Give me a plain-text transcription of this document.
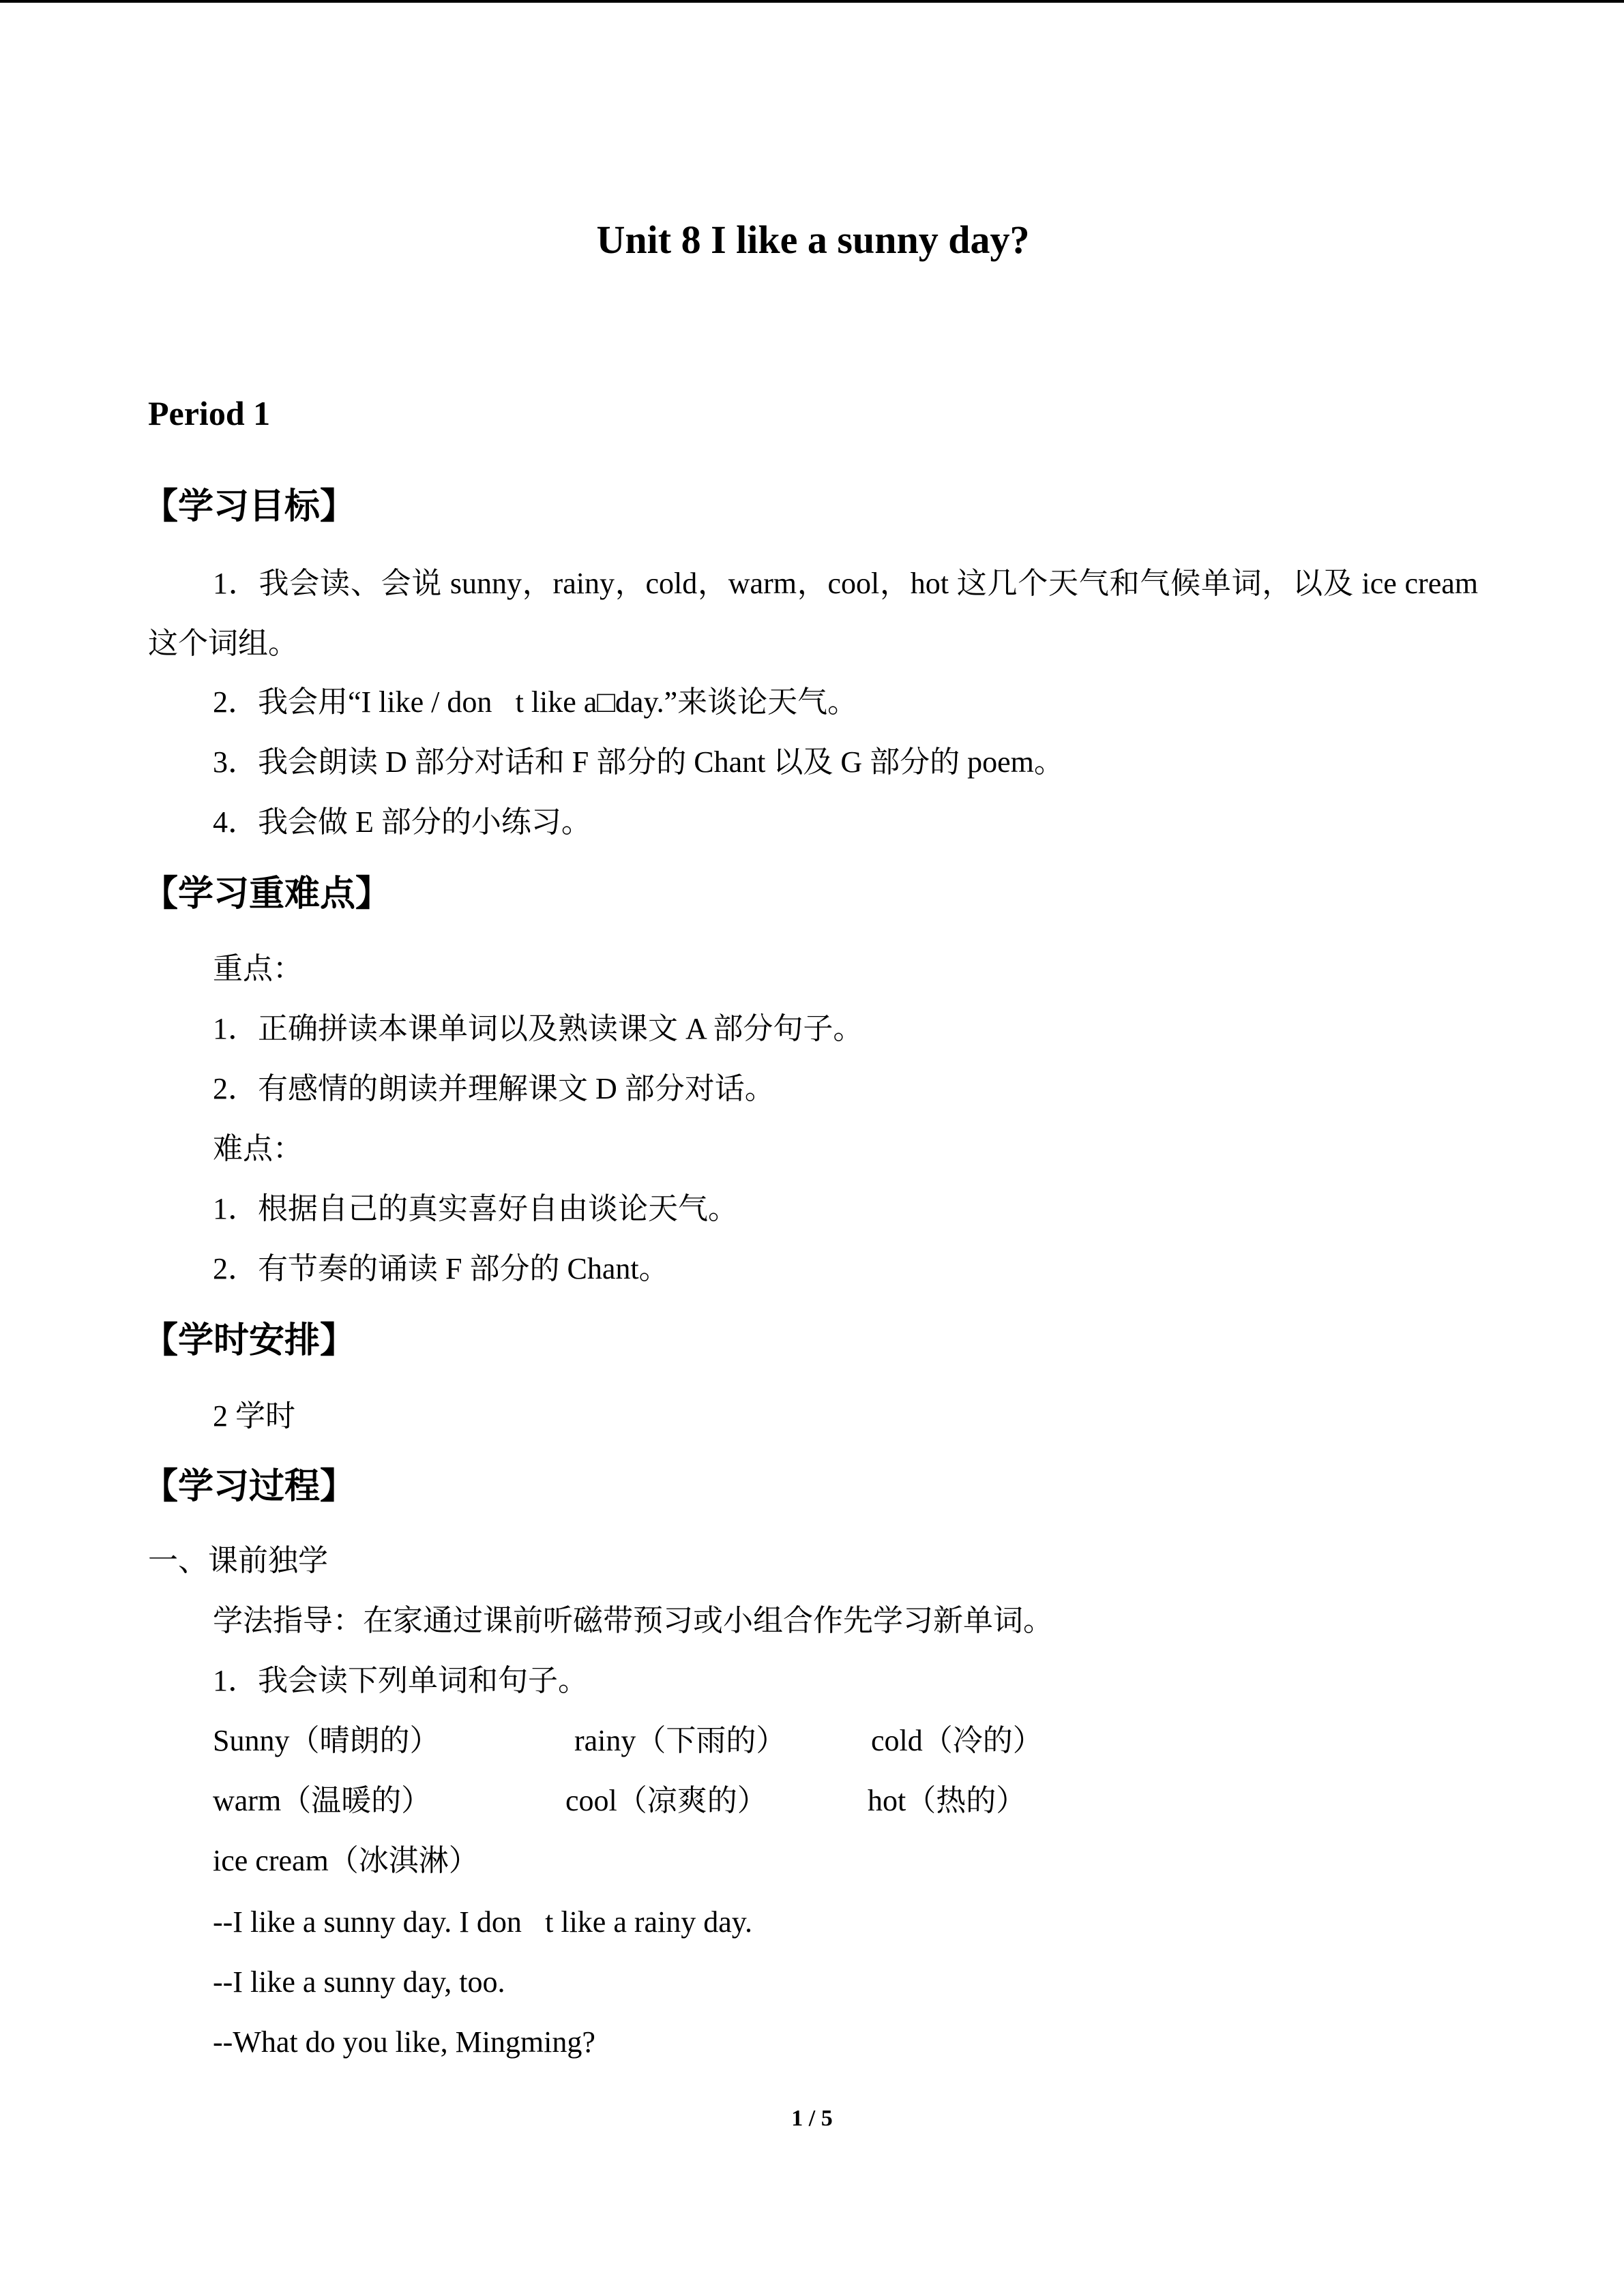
Unit 8 I like a sunny day?
Period 1
【学习目标】
1．我会读、会说 sunny，rainy，cold，warm，cool，hot 这几个天气和气候单词，以及 ice cream 这个词组。
2．我会用“I like / don t like a□day.”来谈论天气。
3．我会朗读 D 部分对话和 F 部分的 Chant 以及 G 部分的 poem。
4．我会做 E 部分的小练习。
【学习重难点】
重点：
1．正确拼读本课单词以及熟读课文 A 部分句子。
2．有感情的朗读并理解课文 D 部分对话。
难点：
1．根据自己的真实喜好自由谈论天气。
2．有节奏的诵读 F 部分的 Chant。
【学时安排】
2 学时
【学习过程】
一、课前独学
学法指导：在家通过课前听磁带预习或小组合作先学习新单词。
1．我会读下列单词和句子。
Sunny（晴朗的）	rainy（下雨的）	cold（冷的）
warm（温暖的）	cool（凉爽的）	hot（热的）
ice cream（冰淇淋）
--I like a sunny day. I don t like a rainy day.
--I like a sunny day, too.
--What do you like, Mingming?
1 / 5
